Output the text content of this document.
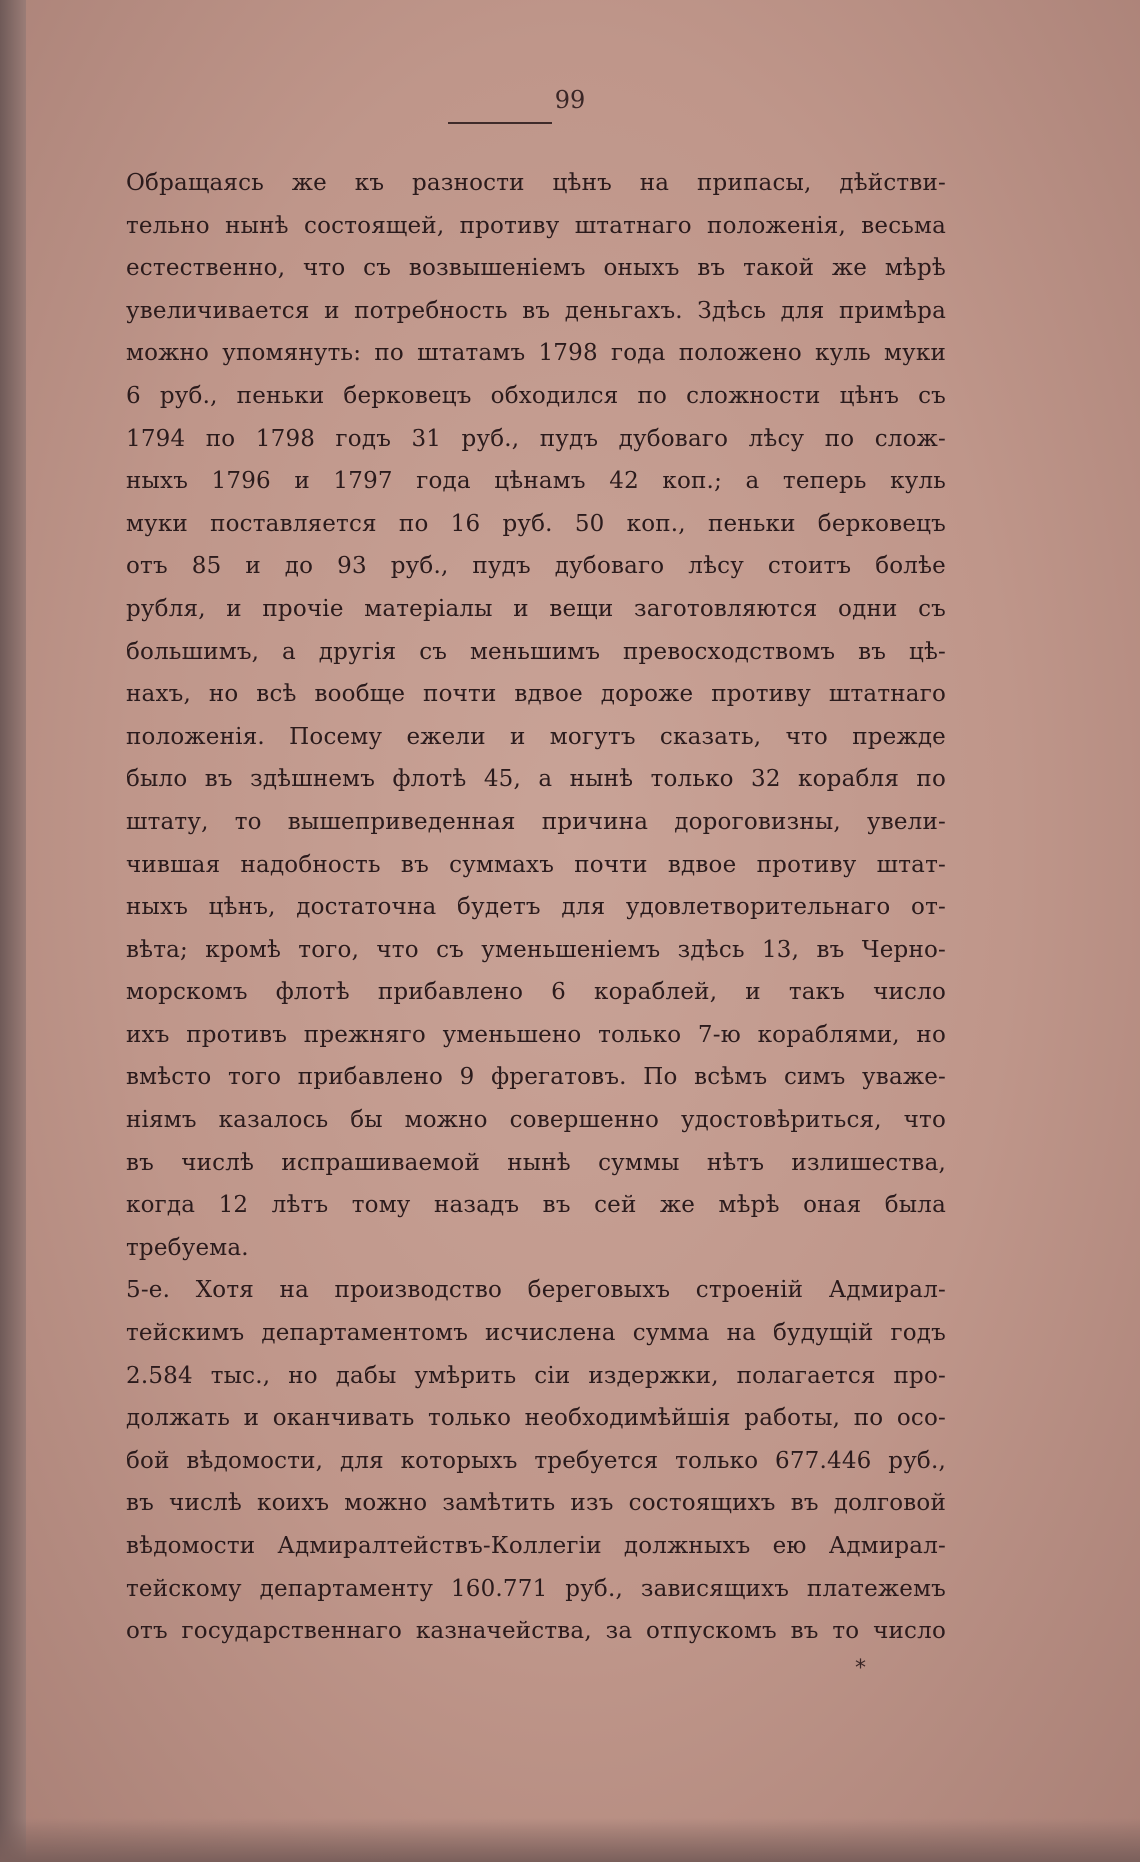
99
Обращаясь же къ разности цѣнъ на припасы, дѣйстви-
тельно нынѣ состоящей, противу штатнаго положенія, весьма
естественно, что съ возвышеніемъ оныхъ въ такой же мѣрѣ
увеличивается и потребность въ деньгахъ. Здѣсь для примѣра
можно упомянуть: по штатамъ 1798 года положено куль муки
6 руб., пеньки берковецъ обходился по сложности цѣнъ съ
1794 по 1798 годъ 31 руб., пудъ дубоваго лѣсу по слож-
ныхъ 1796 и 1797 года цѣнамъ 42 коп.; а теперь куль
муки поставляется по 16 руб. 50 коп., пеньки берковецъ
отъ 85 и до 93 руб., пудъ дубоваго лѣсу стоитъ болѣе
рубля, и прочіе матеріалы и вещи заготовляются одни съ
большимъ, а другія съ меньшимъ превосходствомъ въ цѣ-
нахъ, но всѣ вообще почти вдвое дороже противу штатнаго
положенія. Посему ежели и могутъ сказать, что прежде
было въ здѣшнемъ флотѣ 45, а нынѣ только 32 корабля по
штату, то вышеприведенная причина дороговизны, увели-
чившая надобность въ суммахъ почти вдвое противу штат-
ныхъ цѣнъ, достаточна будетъ для удовлетворительнаго от-
вѣта; кромѣ того, что съ уменьшеніемъ здѣсь 13, въ Черно-
морскомъ флотѣ прибавлено 6 кораблей, и такъ число
ихъ противъ прежняго уменьшено только 7-ю кораблями, но
вмѣсто того прибавлено 9 фрегатовъ. По всѣмъ симъ уваже-
ніямъ казалось бы можно совершенно удостовѣриться, что
въ числѣ испрашиваемой нынѣ суммы нѣтъ излишества,
когда 12 лѣтъ тому назадъ въ сей же мѣрѣ оная была
требуема.
5-е. Хотя на производство береговыхъ строеній Адмирал-
тейскимъ департаментомъ исчислена сумма на будущій годъ
2.584 тыс., но дабы умѣрить сіи издержки, полагается про-
должать и оканчивать только необходимѣйшія работы, по осо-
бой вѣдомости, для которыхъ требуется только 677.446 руб.,
въ числѣ коихъ можно замѣтить изъ состоящихъ въ долговой
вѣдомости Адмиралтействъ-Коллегіи должныхъ ею Адмирал-
тейскому департаменту 160.771 руб., зависящихъ платежемъ
отъ государственнаго казначейства, за отпускомъ въ то число
*
